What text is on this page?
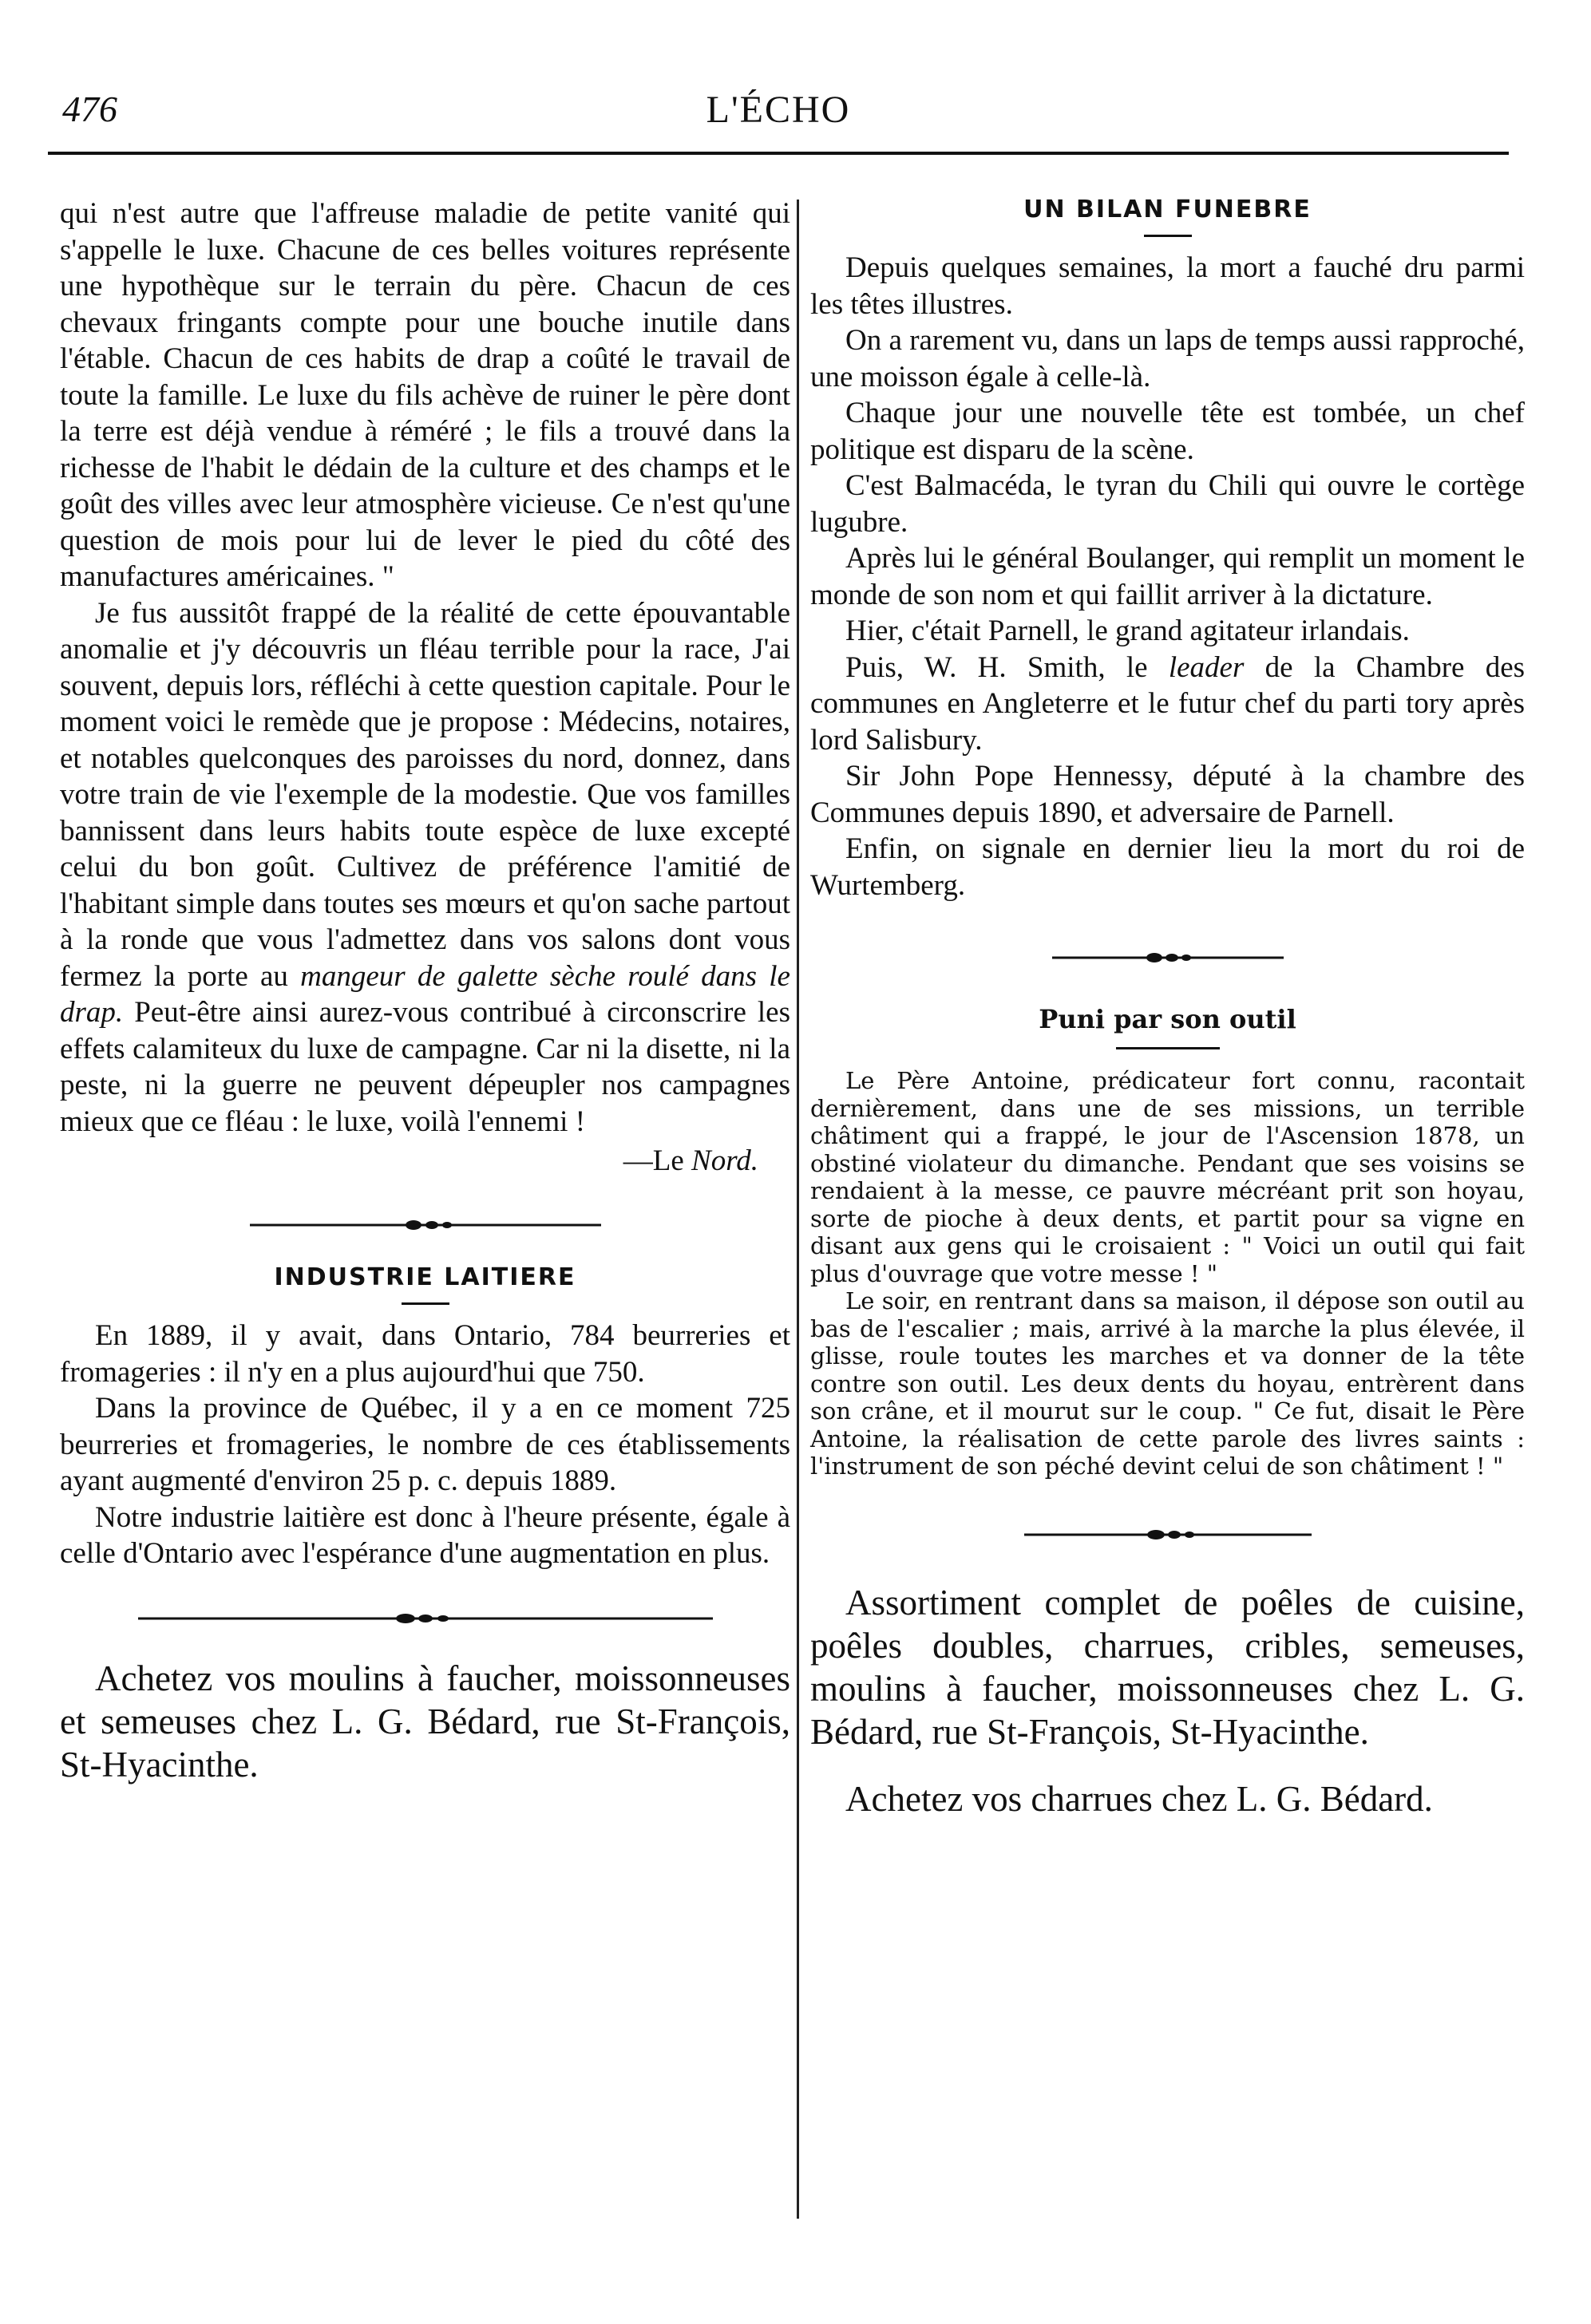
476	L'ÉCHO

qui n'est autre que l'affreuse maladie de petite vanité qui s'appelle le luxe. Chacune de ces belles voitures représente une hypothèque sur le terrain du père. Chacun de ces chevaux fringants compte pour une bouche inutile dans l'étable. Chacun de ces habits de drap a coûté le travail de toute la famille. Le luxe du fils achève de ruiner le père dont la terre est déjà vendue à réméré ; le fils a trouvé dans la richesse de l'habit le dédain de la culture et des champs et le goût des villes avec leur atmosphère vicieuse. Ce n'est qu'une question de mois pour lui de lever le pied du côté des manufactures américaines. "

Je fus aussitôt frappé de la réalité de cette épouvantable anomalie et j'y découvris un fléau terrible pour la race, J'ai souvent, depuis lors, réfléchi à cette question capitale. Pour le moment voici le remède que je propose : Médecins, notaires, et notables quelconques des paroisses du nord, donnez, dans votre train de vie l'exemple de la modestie. Que vos familles bannissent dans leurs habits toute espèce de luxe excepté celui du bon goût. Cultivez de préférence l'amitié de l'habitant simple dans toutes ses mœurs et qu'on sache partout à la ronde que vous l'admettez dans vos salons dont vous fermez la porte au mangeur de galette sèche roulé dans le drap. Peut-être ainsi aurez-vous contribué à circonscrire les effets calamiteux du luxe de campagne. Car ni la disette, ni la peste, ni la guerre ne peuvent dépeupler nos campagnes mieux que ce fléau : le luxe, voilà l'ennemi !

—Le Nord.
INDUSTRIE LAITIERE

En 1889, il y avait, dans Ontario, 784 beurreries et fromageries : il n'y en a plus aujourd'hui que 750.

Dans la province de Québec, il y a en ce moment 725 beurreries et fromageries, le nombre de ces établissements ayant augmenté d'environ 25 p. c. depuis 1889.

Notre industrie laitière est donc à l'heure présente, égale à celle d'Ontario avec l'espérance d'une augmentation en plus.

Achetez vos moulins à faucher, moissonneuses et semeuses chez L. G. Bédard, rue St-François, St-Hyacinthe.

UN BILAN FUNEBRE

Depuis quelques semaines, la mort a fauché dru parmi les têtes illustres.

On a rarement vu, dans un laps de temps aussi rapproché, une moisson égale à celle-là.

Chaque jour une nouvelle tête est tombée, un chef politique est disparu de la scène.

C'est Balmacéda, le tyran du Chili qui ouvre le cortège lugubre.

Après lui le général Boulanger, qui remplit un moment le monde de son nom et qui faillit arriver à la dictature.

Hier, c'était Parnell, le grand agitateur irlandais.

Puis, W. H. Smith, le leader de la Chambre des communes en Angleterre et le futur chef du parti tory après lord Salisbury.

Sir John Pope Hennessy, député à la chambre des Communes depuis 1890, et adversaire de Parnell.

Enfin, on signale en dernier lieu la mort du roi de Wurtemberg.

Puni par son outil

Le Père Antoine, prédicateur fort connu, racontait dernièrement, dans une de ses missions, un terrible châtiment qui a frappé, le jour de l'Ascension 1878, un obstiné violateur du dimanche. Pendant que ses voisins se rendaient à la messe, ce pauvre mécréant prit son hoyau, sorte de pioche à deux dents, et partit pour sa vigne en disant aux gens qui le croisaient : " Voici un outil qui fait plus d'ouvrage que votre messe ! "

Le soir, en rentrant dans sa maison, il dépose son outil au bas de l'escalier ; mais, arrivé à la marche la plus élevée, il glisse, roule toutes les marches et va donner de la tête contre son outil. Les deux dents du hoyau, entrèrent dans son crâne, et il mourut sur le coup. " Ce fut, disait le Père Antoine, la réalisation de cette parole des livres saints : l'instrument de son péché devint celui de son châtiment ! "

Assortiment complet de poêles de cuisine, poêles doubles, charrues, cribles, semeuses, moulins à faucher, moissonneuses chez L. G. Bédard, rue St-François, St-Hyacinthe.

Achetez vos charrues chez L. G. Bédard.
